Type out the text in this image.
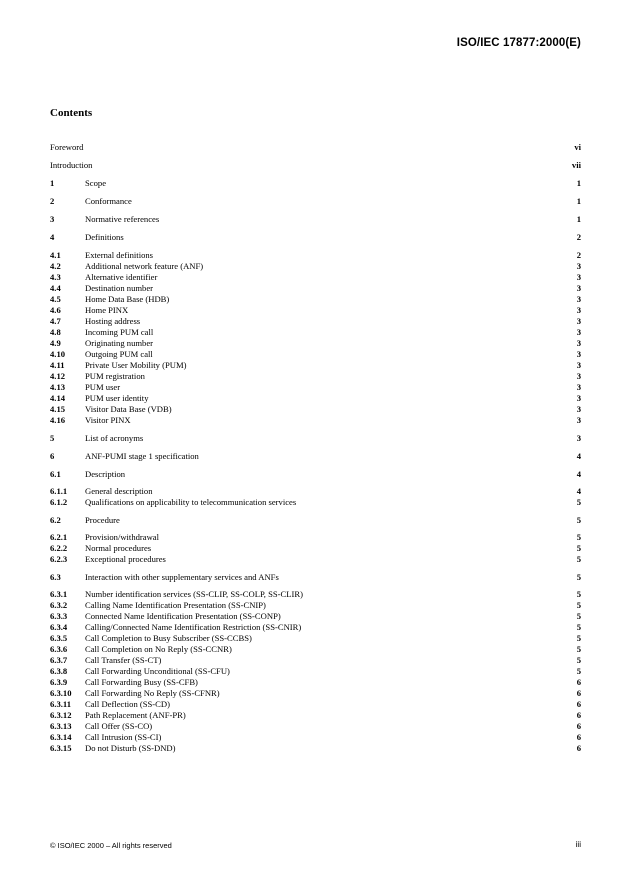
ISO/IEC 17877:2000(E)
Contents
Foreword	vi
Introduction	vii
1	Scope	1
2	Conformance	1
3	Normative references	1
4	Definitions	2
4.1	External definitions	2
4.2	Additional network feature (ANF)	3
4.3	Alternative identifier	3
4.4	Destination number	3
4.5	Home Data Base (HDB)	3
4.6	Home PINX	3
4.7	Hosting address	3
4.8	Incoming PUM call	3
4.9	Originating number	3
4.10	Outgoing PUM call	3
4.11	Private User Mobility (PUM)	3
4.12	PUM registration	3
4.13	PUM user	3
4.14	PUM user identity	3
4.15	Visitor Data Base (VDB)	3
4.16	Visitor PINX	3
5	List of acronyms	3
6	ANF-PUMI stage 1 specification	4
6.1	Description	4
6.1.1	General description	4
6.1.2	Qualifications on applicability to telecommunication services	5
6.2	Procedure	5
6.2.1	Provision/withdrawal	5
6.2.2	Normal procedures	5
6.2.3	Exceptional procedures	5
6.3	Interaction with other supplementary services and ANFs	5
6.3.1	Number identification services (SS-CLIP, SS-COLP, SS-CLIR)	5
6.3.2	Calling Name Identification Presentation (SS-CNIP)	5
6.3.3	Connected Name Identification Presentation (SS-CONP)	5
6.3.4	Calling/Connected Name Identification Restriction (SS-CNIR)	5
6.3.5	Call Completion to Busy Subscriber (SS-CCBS)	5
6.3.6	Call Completion on No Reply (SS-CCNR)	5
6.3.7	Call Transfer (SS-CT)	5
6.3.8	Call Forwarding Unconditional (SS-CFU)	5
6.3.9	Call Forwarding Busy (SS-CFB)	6
6.3.10	Call Forwarding No Reply (SS-CFNR)	6
6.3.11	Call Deflection (SS-CD)	6
6.3.12	Path Replacement (ANF-PR)	6
6.3.13	Call Offer (SS-CO)	6
6.3.14	Call Intrusion (SS-CI)	6
6.3.15	Do not Disturb (SS-DND)	6
© ISO/IEC 2000 – All rights reserved	iii
